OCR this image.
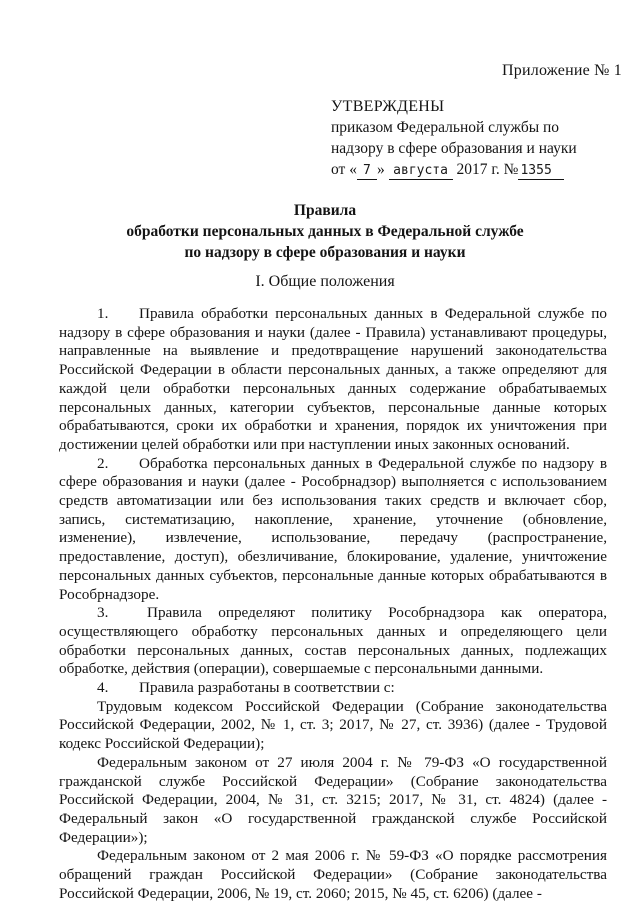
Приложение № 1
УТВЕРЖДЕНЫ
приказом Федеральной службы по
надзору в сфере образования и науки
от « 7 » августа 2017 г. № 1355
Правила
обработки персональных данных в Федеральной службе
по надзору в сфере образования и науки
I. Общие положения

1. Правила обработки персональных данных в Федеральной службе по надзору в сфере образования и науки (далее - Правила) устанавливают процедуры, направленные на выявление и предотвращение нарушений законодательства Российской Федерации в области персональных данных, а также определяют для каждой цели обработки персональных данных содержание обрабатываемых персональных данных, категории субъектов, персональные данные которых обрабатываются, сроки их обработки и хранения, порядок их уничтожения при достижении целей обработки или при наступлении иных законных оснований.

2. Обработка персональных данных в Федеральной службе по надзору в сфере образования и науки (далее - Рособрнадзор) выполняется с использованием средств автоматизации или без использования таких средств и включает сбор, запись, систематизацию, накопление, хранение, уточнение (обновление, изменение), извлечение, использование, передачу (распространение, предоставление, доступ), обезличивание, блокирование, удаление, уничтожение персональных данных субъектов, персональные данные которых обрабатываются в Рособрнадзоре.

3.	Правила определяют политику Рособрнадзора как оператора, осуществляющего обработку персональных данных и определяющего цели обработки персональных данных, состав персональных данных, подлежащих обработке, действия (операции), совершаемые с персональными данными.

4. Правила разработаны в соответствии с:

Трудовым кодексом Российской Федерации (Собрание законодательства Российской Федерации, 2002, № 1, ст. 3; 2017, № 27, ст. 3936) (далее - Трудовой кодекс Российской Федерации);

Федеральным законом от 27 июля 2004 г. № 79-ФЗ «О государственной гражданской службе Российской Федерации» (Собрание законодательства Российской Федерации, 2004, № 31, ст. 3215; 2017, № 31, ст. 4824) (далее - Федеральный закон «О государственной гражданской службе Российской Федерации»);

Федеральным законом от 2 мая 2006 г. № 59-ФЗ «О порядке рассмотрения обращений граждан Российской Федерации» (Собрание законодательства Российской Федерации, 2006, № 19, ст. 2060; 2015, № 45, ст. 6206) (далее -
